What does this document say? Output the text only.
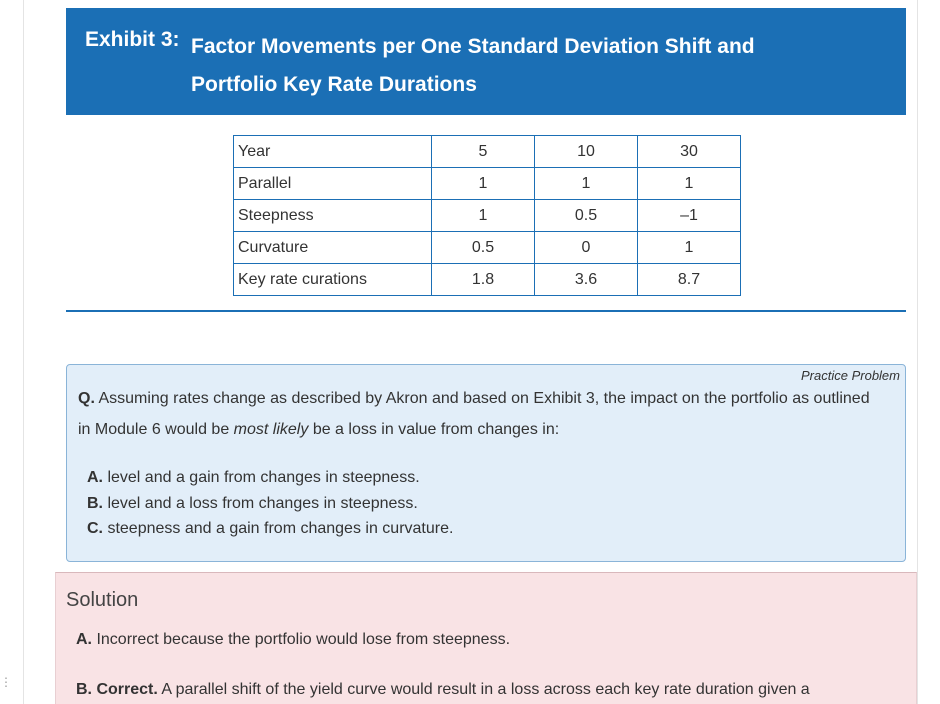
⋮
Exhibit 3: Factor Movements per One Standard Deviation Shift and Portfolio Key Rate Durations
Year	5	10	30
Parallel	1	1	1
Steepness	1	0.5	–1
Curvature	0.5	0	1
Key rate curations	1.8	3.6	8.7
Practice Problem
Q. Assuming rates change as described by Akron and based on Exhibit 3, the impact on the portfolio as outlined in Module 6 would be most likely be a loss in value from changes in:
A. level and a gain from changes in steepness.
B. level and a loss from changes in steepness.
C. steepness and a gain from changes in curvature.
Solution
A. Incorrect because the portfolio would lose from steepness.
B. Correct. A parallel shift of the yield curve would result in a loss across each key rate duration given a
